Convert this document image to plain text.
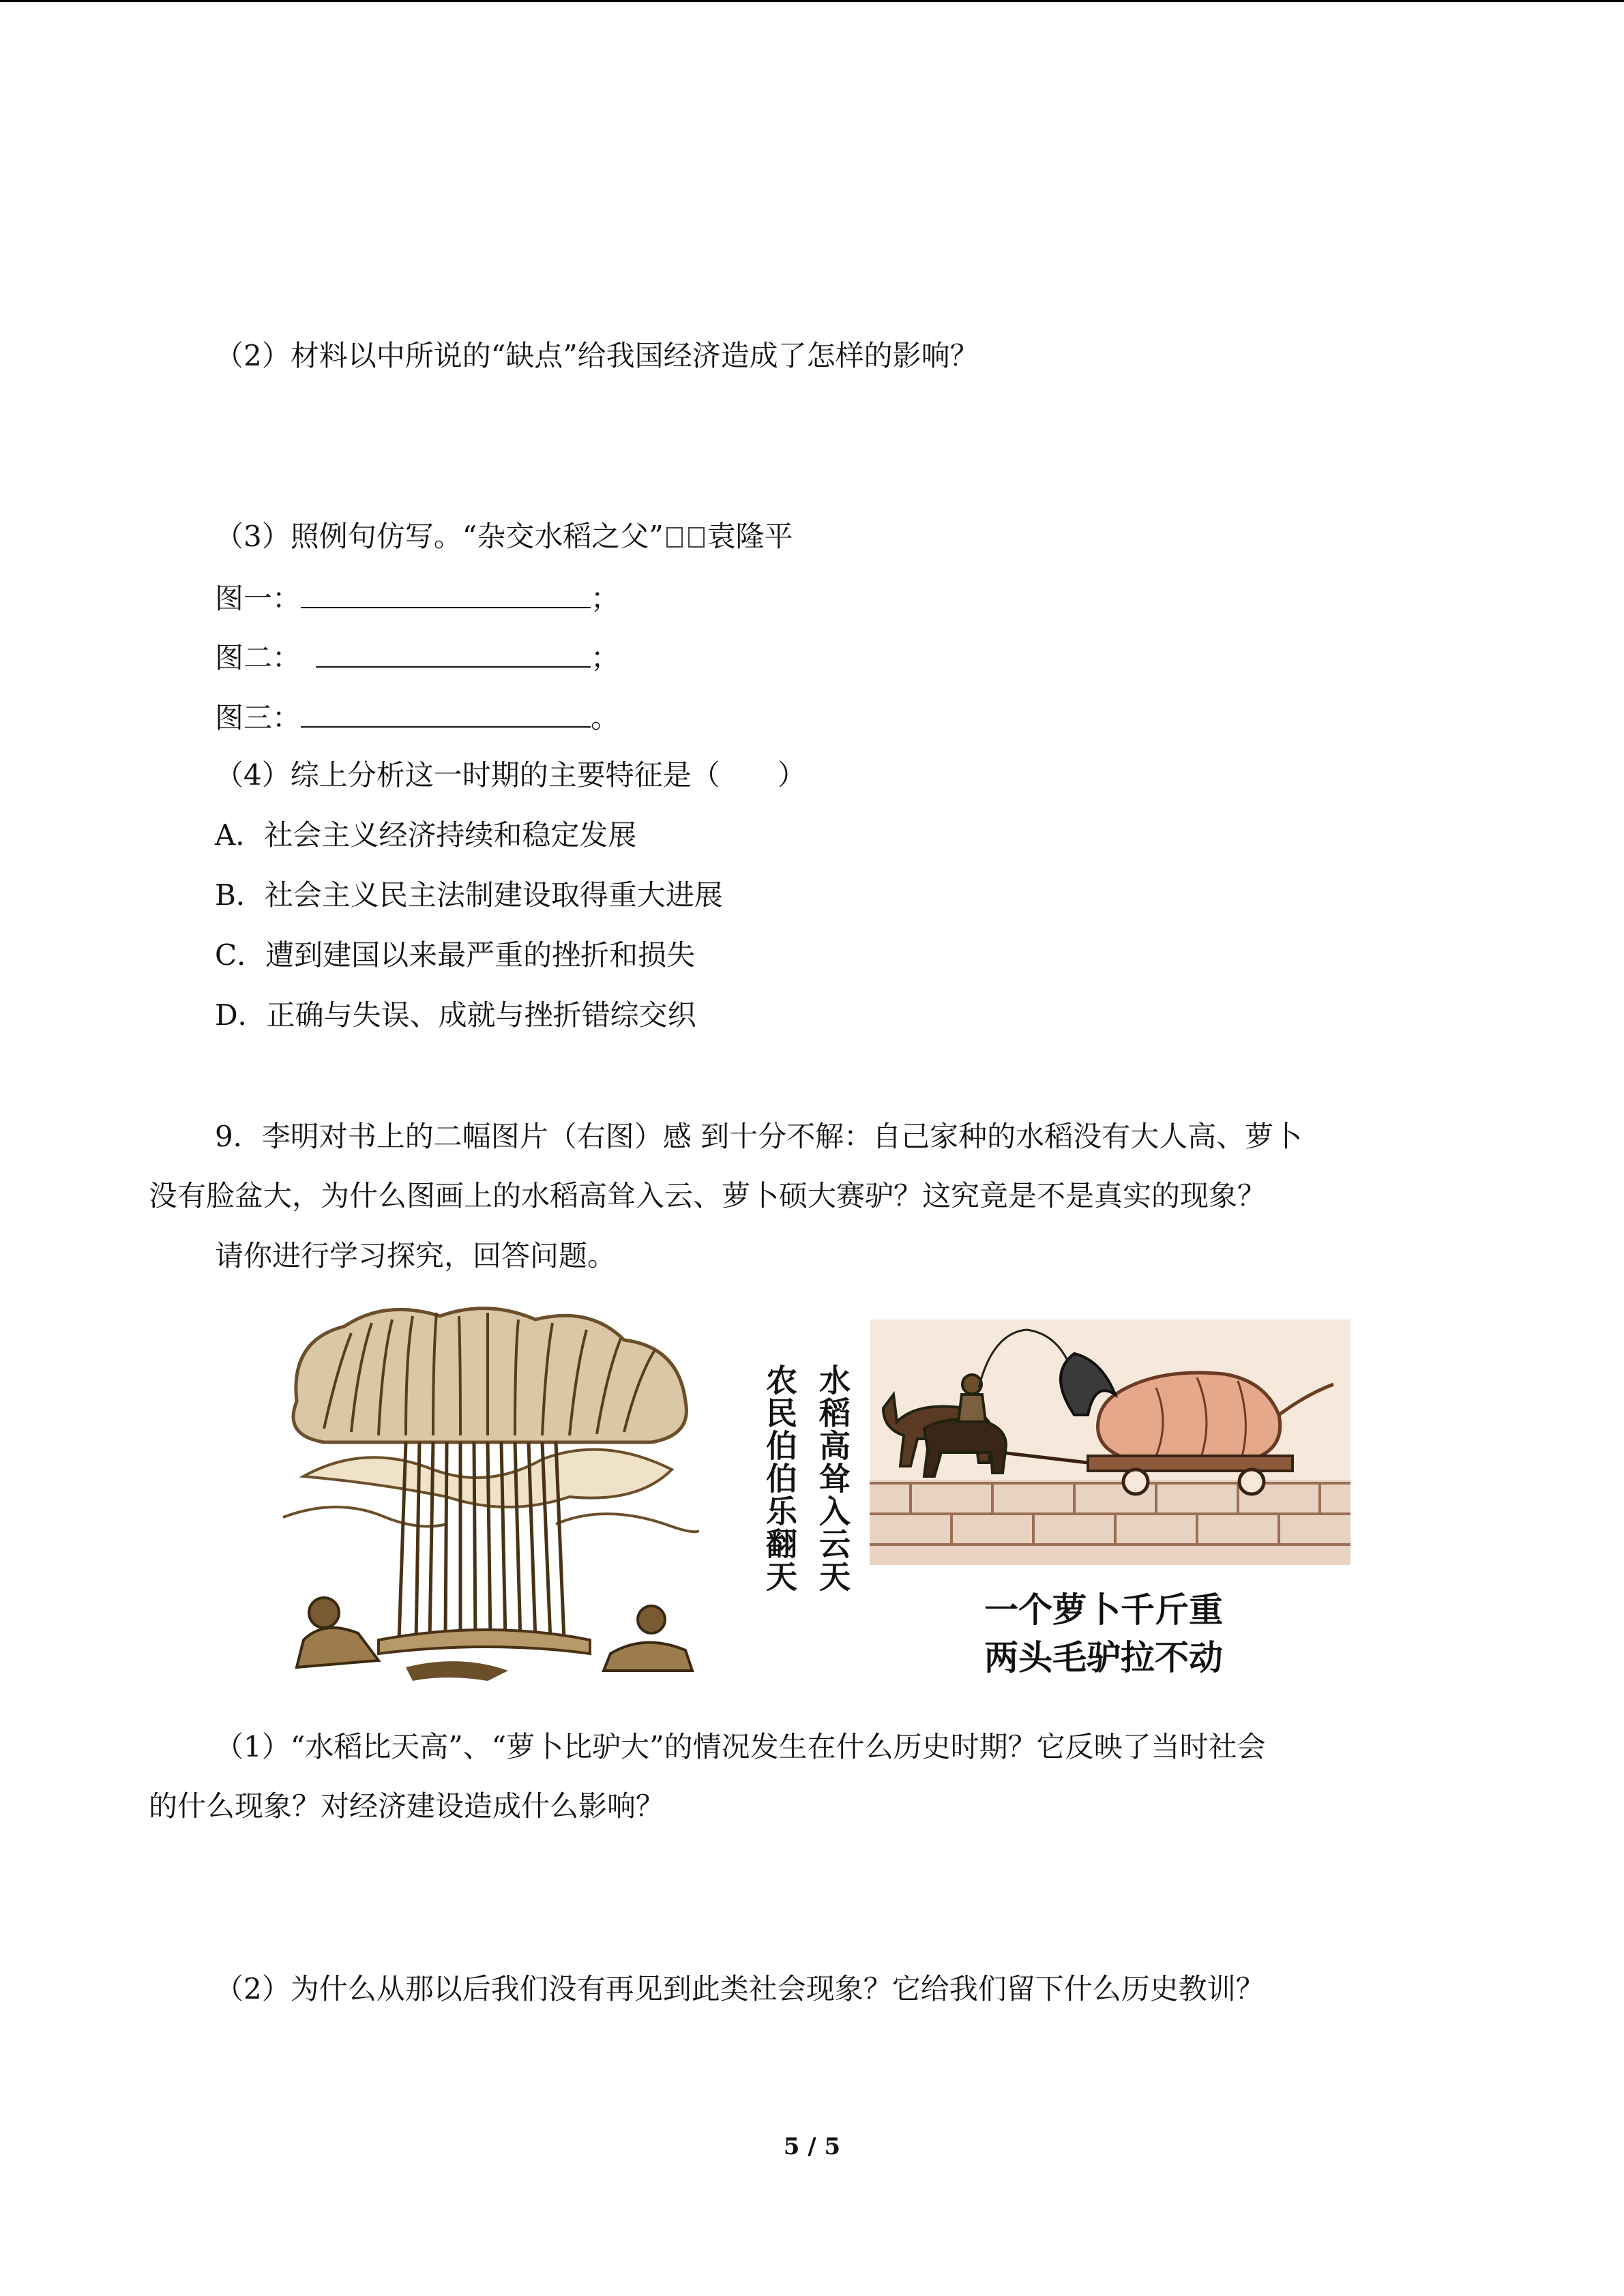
（2）材料以中所说的“缺点”给我国经济造成了怎样的影响？
（3）照例句仿写。“杂交水稻之父” 袁隆平
图一：	；
图二：	；
图三：	。
（4）综上分析这一时期的主要特征是（　　）
A．社会主义经济持续和稳定发展
B．社会主义民主法制建设取得重大进展
C．遭到建国以来最严重的挫折和损失
D．正确与失误、成就与挫折错综交织
9．李明对书上的二幅图片（右图）感 到十分不解：自己家种的水稻没有大人高、萝卜
没有脸盆大，为什么图画上的水稻高耸入云、萝卜硕大赛驴？这究竟是不是真实的现象？
请你进行学习探究，回答问题。
水稻高耸入云天
农民伯伯乐翻天
一个萝卜千斤重
两头毛驴拉不动
（1）“水稻比天高”、“萝卜比驴大”的情况发生在什么历史时期？它反映了当时社会
的什么现象？对经济建设造成什么影响？
（2）为什么从那以后我们没有再见到此类社会现象？它给我们留下什么历史教训？
5 / 5
